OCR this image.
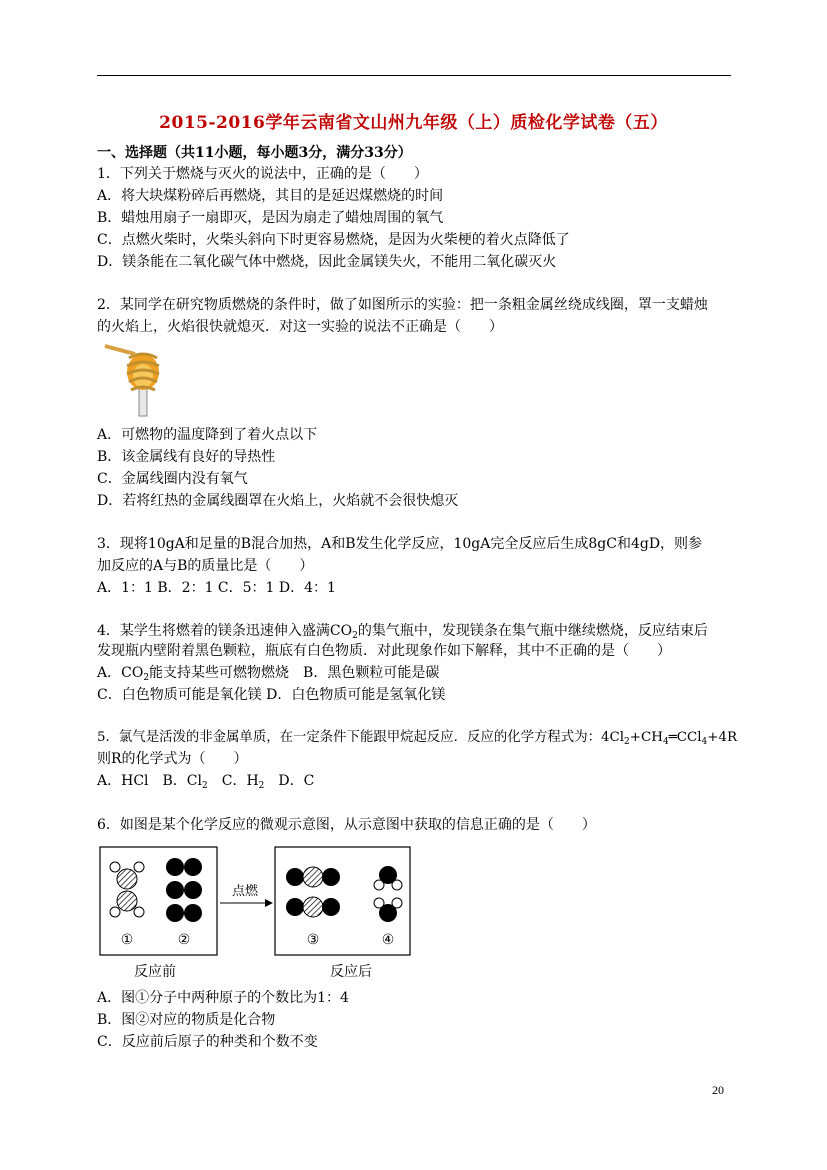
2015-2016学年云南省文山州九年级（上）质检化学试卷（五）
一、选择题（共11小题，每小题3分，满分33分）
1．下列关于燃烧与灭火的说法中，正确的是（　　）
A．将大块煤粉碎后再燃烧，其目的是延迟煤燃烧的时间
B．蜡烛用扇子一扇即灭，是因为扇走了蜡烛周围的氧气
C．点燃火柴时，火柴头斜向下时更容易燃烧，是因为火柴梗的着火点降低了
D．镁条能在二氧化碳气体中燃烧，因此金属镁失火，不能用二氧化碳灭火
2．某同学在研究物质燃烧的条件时，做了如图所示的实验：把一条粗金属丝绕成线圈，罩一支蜡烛
的火焰上，火焰很快就熄灭．对这一实验的说法不正确是（　　）
A．可燃物的温度降到了着火点以下
B．该金属线有良好的导热性
C．金属线圈内没有氧气
D．若将红热的金属线圈罩在火焰上，火焰就不会很快熄灭
3．现将10gA和足量的B混合加热，A和B发生化学反应，10gA完全反应后生成8gC和4gD，则参
加反应的A与B的质量比是（　　）
A．1：1 B．2：1 C．5：1 D．4：1
4．某学生将燃着的镁条迅速伸入盛满$CO_2$的集气瓶中，发现镁条在集气瓶中继续燃烧，反应结束后
发现瓶内壁附着黑色颗粒，瓶底有白色物质．对此现象作如下解释，其中不正确的是（　　）
A．$CO_2$能支持某些可燃物燃烧　B．黑色颗粒可能是碳
C．白色物质可能是氧化镁 D．白色物质可能是氢氧化镁
5．氯气是活泼的非金属单质，在一定条件下能跟甲烷起反应．反应的化学方程式为：$4Cl_2+CH_4═CCl_4+4R$
则R的化学式为（　　）
A．HCl　B．$Cl_2$　C．$H_2$　D．C
6．如图是某个化学反应的微观示意图，从示意图中获取的信息正确的是（　　）
点燃
①	②	③	④
反应前	反应后
A．图①分子中两种原子的个数比为1：4
B．图②对应的物质是化合物
C．反应前后原子的种类和个数不变
20
